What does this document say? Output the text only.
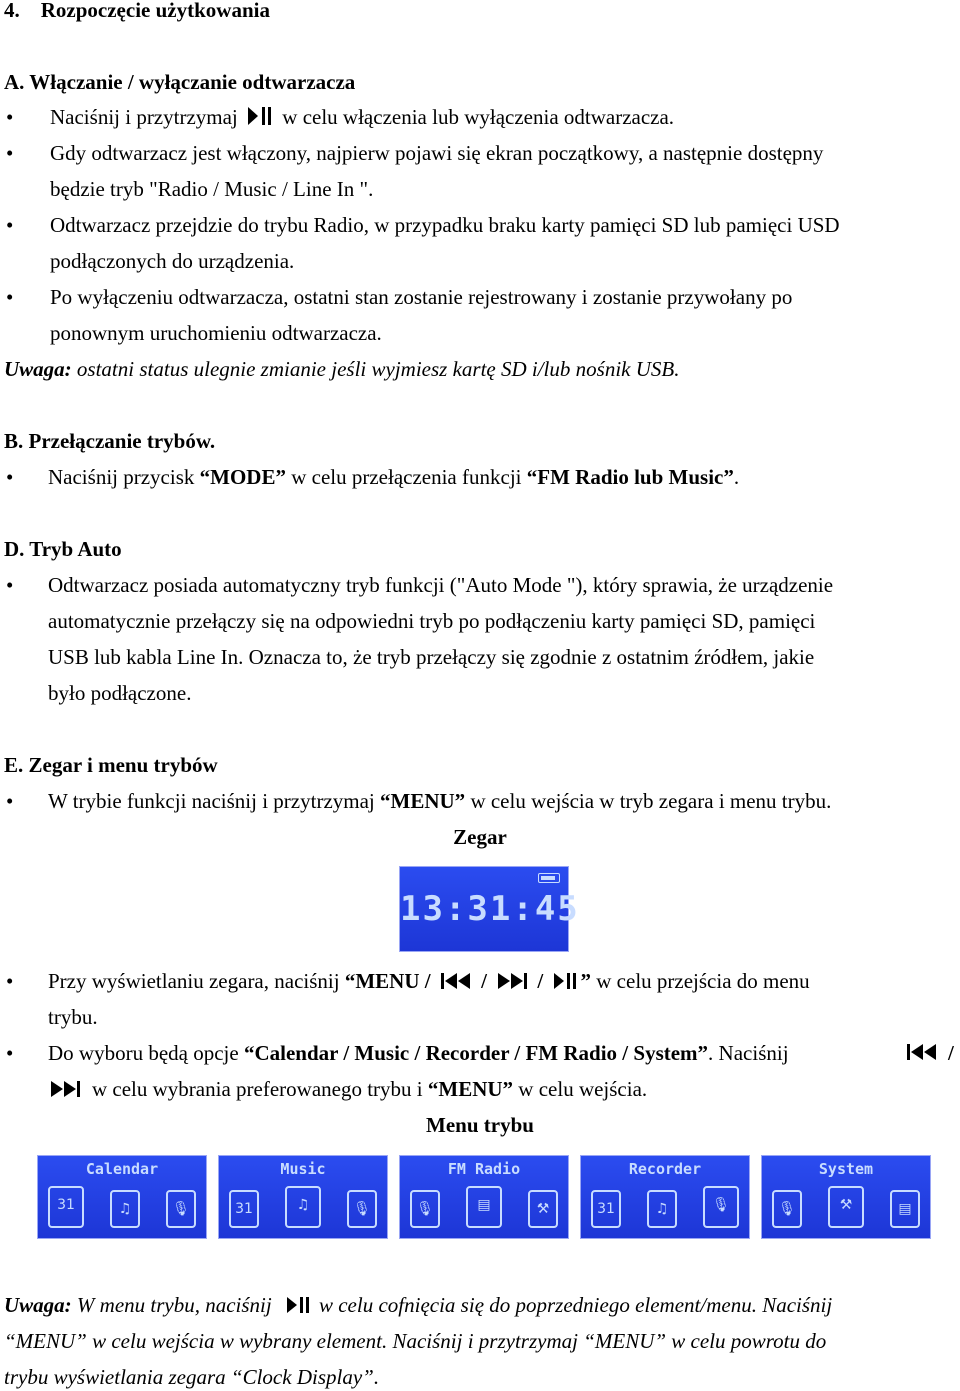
4. Rozpoczęcie użytkowania
A. Włączanie / wyłączanie odtwarzacza
• Naciśnij i przytrzymaj w celu włączenia lub wyłączenia odtwarzacza.
• Gdy odtwarzacz jest włączony, najpierw pojawi się ekran początkowy, a następnie dostępny
będzie tryb "Radio / Music / Line In ".
• Odtwarzacz przejdzie do trybu Radio, w przypadku braku karty pamięci SD lub pamięci USD
podłączonych do urządzenia.
• Po wyłączeniu odtwarzacza, ostatni stan zostanie rejestrowany i zostanie przywołany po
ponownym uruchomieniu odtwarzacza.
Uwaga: ostatni status ulegnie zmianie jeśli wyjmiesz kartę SD i/lub nośnik USB.
B. Przełączanie trybów.
• Naciśnij przycisk “MODE” w celu przełączenia funkcji “FM Radio lub Music”.
D. Tryb Auto
• Odtwarzacz posiada automatyczny tryb funkcji ("Auto Mode "), który sprawia, że urządzenie
automatycznie przełączy się na odpowiedni tryb po podłączeniu karty pamięci SD, pamięci
USB lub kabla Line In. Oznacza to, że tryb przełączy się zgodnie z ostatnim źródłem, jakie
było podłączone.
E. Zegar i menu trybów
• W trybie funkcji naciśnij i przytrzymaj “MENU” w celu wejścia w tryb zegara i menu trybu.
Zegar
13:31:45
• Przy wyświetlaniu zegara, naciśnij “MENU / / / ” w celu przejścia do menu
trybu.
• Do wyboru będą opcje “Calendar / Music / Recorder / FM Radio / System”. Naciśnij	/
w celu wybrania preferowanego trybu i “MENU” w celu wejścia.
Menu trybu
Calendar
31	♫	🎙
Music
31	♫	🎙
FM Radio
🎙	▤	⚒
Recorder
31	♫	🎙
System
🎙	⚒	▤
Uwaga: W menu trybu, naciśnij w celu cofnięcia się do poprzedniego element/menu. Naciśnij
“MENU” w celu wejścia w wybrany element. Naciśnij i przytrzymaj “MENU” w celu powrotu do
trybu wyświetlania zegara “Clock Display”.
